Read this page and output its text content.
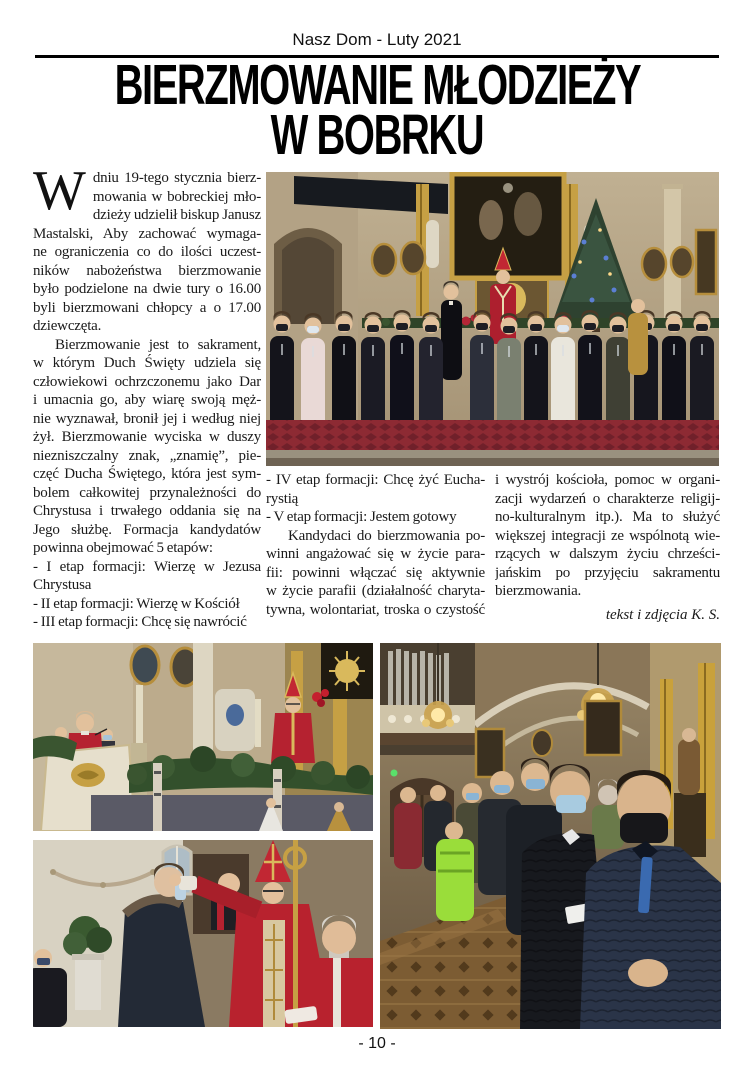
Nasz Dom - Luty 2021
BIERZMOWANIE MŁODZIEŻY
W BOBRKU
W dniu 19-tego stycznia bierz-
mowania w bobreckiej mło-
dzieży udzielił biskup Janusz
Mastalski, Aby zachować wymaga-
ne ograniczenia co do ilości uczest-
ników nabożeństwa bierzmowanie
było podzielone na dwie tury o 16.00
byli bierzmowani chłopcy a o 17.00
dziewczęta.
Bierzmowanie jest to sakrament,
w którym Duch Święty udziela się
człowiekowi ochrzczonemu jako Dar
i umacnia go, aby wiarę swoją męż-
nie wyznawał, bronił jej i według niej
żył. Bierzmowanie wyciska w duszy
niezniszczalny znak, „znamię”, pie-
częć Ducha Świętego, która jest sym-
bolem całkowitej przynależności do
Chrystusa i trwałego oddania się na
Jego służbę. Formacja kandydatów
powinna obejmować 5 etapów:
- I etap formacji: Wierzę w Jezusa
Chrystusa
- II etap formacji: Wierzę w Kościół
- III etap formacji: Chcę się nawrócić
- IV etap formacji: Chcę żyć Eucha-
rystią
- V etap formacji: Jestem gotowy
Kandydaci do bierzmowania po-
winni angażować się w życie para-
fii: powinni włączać się aktywnie
w życie parafii (działalność charyta-
tywna, wolontariat, troska o czystość
i wystrój kościoła, pomoc w organi-
zacji wydarzeń o charakterze religij-
no-kulturalnym itp.). Ma to służyć
większej integracji ze wspólnotą wie-
rzących w dalszym życiu chrześci-
jańskim po przyjęciu sakramentu
bierzmowania.
tekst i zdjęcia K. S.
- 10 -
